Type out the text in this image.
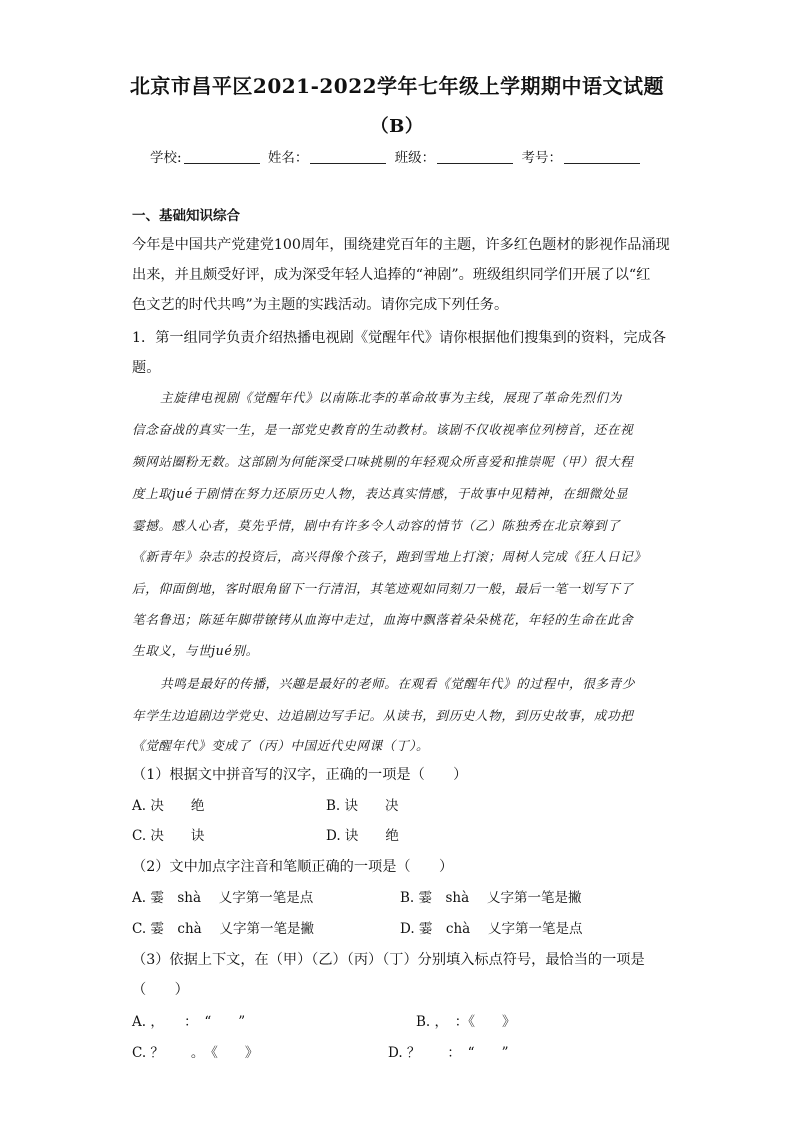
北京市昌平区2021-2022学年七年级上学期期中语文试题
（B）
学校:	姓名：	班级：	考号：
一、基础知识综合
今年是中国共产党建党100周年，围绕建党百年的主题，许多红色题材的影视作品涌现
出来，并且颇受好评，成为深受年轻人追捧的“神剧”。班级组织同学们开展了以“红
色文艺的时代共鸣”为主题的实践活动。请你完成下列任务。
1．第一组同学负责介绍热播电视剧《觉醒年代》请你根据他们搜集到的资料，完成各
题。
主旋律电视剧《觉醒年代》以南陈北李的革命故事为主线，展现了革命先烈们为
信念奋战的真实一生，是一部党史教育的生动教材。该剧不仅收视率位列榜首，还在视
频网站圈粉无数。这部剧为何能深受口味挑剔的年轻观众所喜爱和推崇呢（甲）很大程
度上取jué于剧情在努力还原历史人物，表达真实情感，于故事中见精神，在细微处显
霎撼。感人心者，莫先乎情，剧中有许多令人动容的情节（乙）陈独秀在北京筹到了
《新青年》杂志的投资后，高兴得像个孩子，跑到雪地上打滚；周树人完成《狂人日记》
后，仰面倒地，客时眼角留下一行清泪，其笔迹观如同刻刀一般，最后一笔一划写下了
笔名鲁迅；陈延年脚带镣铐从血海中走过，血海中飘落着朵朵桃花，年轻的生命在此舍
生取义，与世jué别。
共鸣是最好的传播，兴趣是最好的老师。在观看《觉醒年代》的过程中，很多青少
年学生边追剧边学党史、边追剧边写手记。从读书，到历史人物，到历史故事，成功把
《觉醒年代》变成了（丙）中国近代史网课（丁）。
（1）根据文中拼音写的汉字，正确的一项是（　　）
A. 决　　绝	B. 诀　　决
C. 决　　诀	D. 诀　　绝
（2）文中加点字注音和笔顺正确的一项是（　　）
A. 霎　shà　 乂字第一笔是点	B. 霎　shà　 乂字第一笔是撇
C. 霎　chà　 乂字第一笔是撇	D. 霎　chà　 乂字第一笔是点
（3）依据上下文，在（甲）（乙）（丙）（丁）分别填入标点符号，最恰当的一项是
（　　）
A. ，　　：　“　　”	B. ，　：《　　》
C. ？　　。　《　　》	D. ？　　：　“　　”
